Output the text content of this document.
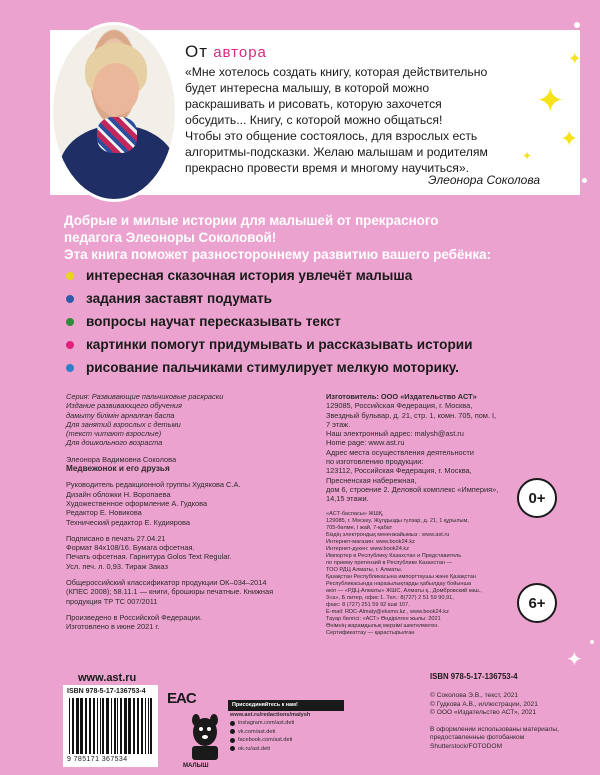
От автора
«Мне хотелось создать книгу, которая действительно
будет интересна малышу, в которой можно
раскрашивать и рисовать, которую захочется
обсудить... Книгу, с которой можно общаться!
Чтобы это общение состоялось, для взрослых есть
алгоритмы-подсказки. Желаю малышам и родителям
прекрасно провести время и многому научиться».
Элеонора Соколова
✦
✦
✦
✦
✦
Добрые и милые истории для малышей от прекрасного
педагога Элеоноры Соколовой!
Эта книга поможет разностороннему развитию вашего ребёнка:
интересная сказочная история увлечёт малыша
задания заставят подумать
вопросы научат пересказывать текст
картинки помогут придумывать и рассказывать истории
рисование пальчиками стимулирует мелкую моторику.
Серия: Развивающие пальчиковые раскраски
Издание развивающего обучения
дамыту білімін арналған баспа
Для занятий взрослых с детьми
(текст читают взрослые)
Для дошкольного возраста
Элеонора Вадимовна Соколова
Медвежонок и его друзья
Руководитель редакционной группы Худякова С.А.
Дизайн обложки Н. Воропаева
Художественное оформление А. Гудкова
Редактор Е. Новикова
Технический редактор Е. Кудиярова
Подписано в печать 27.04.21
Формат 84х108/16. Бумага офсетная.
Печать офсетная. Гарнитура Golos Text Regular.
Усл. печ. л. 0,93. Тираж Заказ
Общероссийский классификатор продукции ОК–034–2014
(КПЕС 2008); 58.11.1 — книги, брошюры печатные. Книжная
продукция ТР ТС 007/2011
Произведено в Российской Федерации.
Изготовлено в июне 2021 г.
Изготовитель: ООО «Издательство АСТ»
129085, Российская Федерация, г. Москва,
Звездный бульвар, д. 21, стр. 1, комн. 705, пом. I,
7 этаж.
Наш электронный адрес: malysh@ast.ru
Home page: www.ast.ru
Адрес места осуществления деятельности
по изготовлению продукции:
123112, Российская Федерация, г. Москва,
Пресненская набережная,
дом 6, строение 2. Деловой комплекс «Империя»,
14,15 этажи.
«АСТ-баспасы» ЖШҚ,
129085, г. Мәскеу, Жұлдызды гүлзар, д. 21, 1 құрылым,
705-бөлме, I жай, 7-қабат
Біздің электрондық мекенжайымыз : www.ast.ru
Интернет-магазин: www.book24.kz
Интернет-дүкен: www.book24.kz
Импортер в Республику Казахстан и Представитель
по приему претензий в Республике Казахстан —
ТОО РДЦ Алматы, г. Алматы.
Қазақстан Республикасына импорттаушы және Қазақстан
Республикасында наразылықтарды қабылдау бойынша
өкіл — «РДЦ-Алматы» ЖШС, Алматы қ., Домбровский көш.,
3«а», Б литер, офис 1. Тел.: 8(727) 2 51 59 90,91,
факс: 8 (727) 251 59 92 ішкі 107.
E-mail: RDC-Almaty@eksmo.kz , www.book24.kz
Тауар белгісі: «АСТ» Өндірілген жылы: 2021
Өнімнің жарамдылық мерзімі шектелмеген.
Сертификаттау — қарастырылған
0+
6+
www.ast.ru	ISBN 978-5-17-136753-4
© Соколова Э.В., текст, 2021
© Гудкова А.В., иллюстрации, 2021
© ООО «Издательство АСТ», 2021
В оформлении использованы материалы,
предоставленные фотобанком
Shutterstock/FOTODOM
ISBN 978-5-17-136753-4
9 785171 367534
EAC
МАЛЫШ
Присоединяйтесь к нам!
www.ast.ru/redactions/malysh
instagram.com/ast.deti
vk.com/ast.deti
facebook.com/ast.deti
ok.ru/ast.deti
